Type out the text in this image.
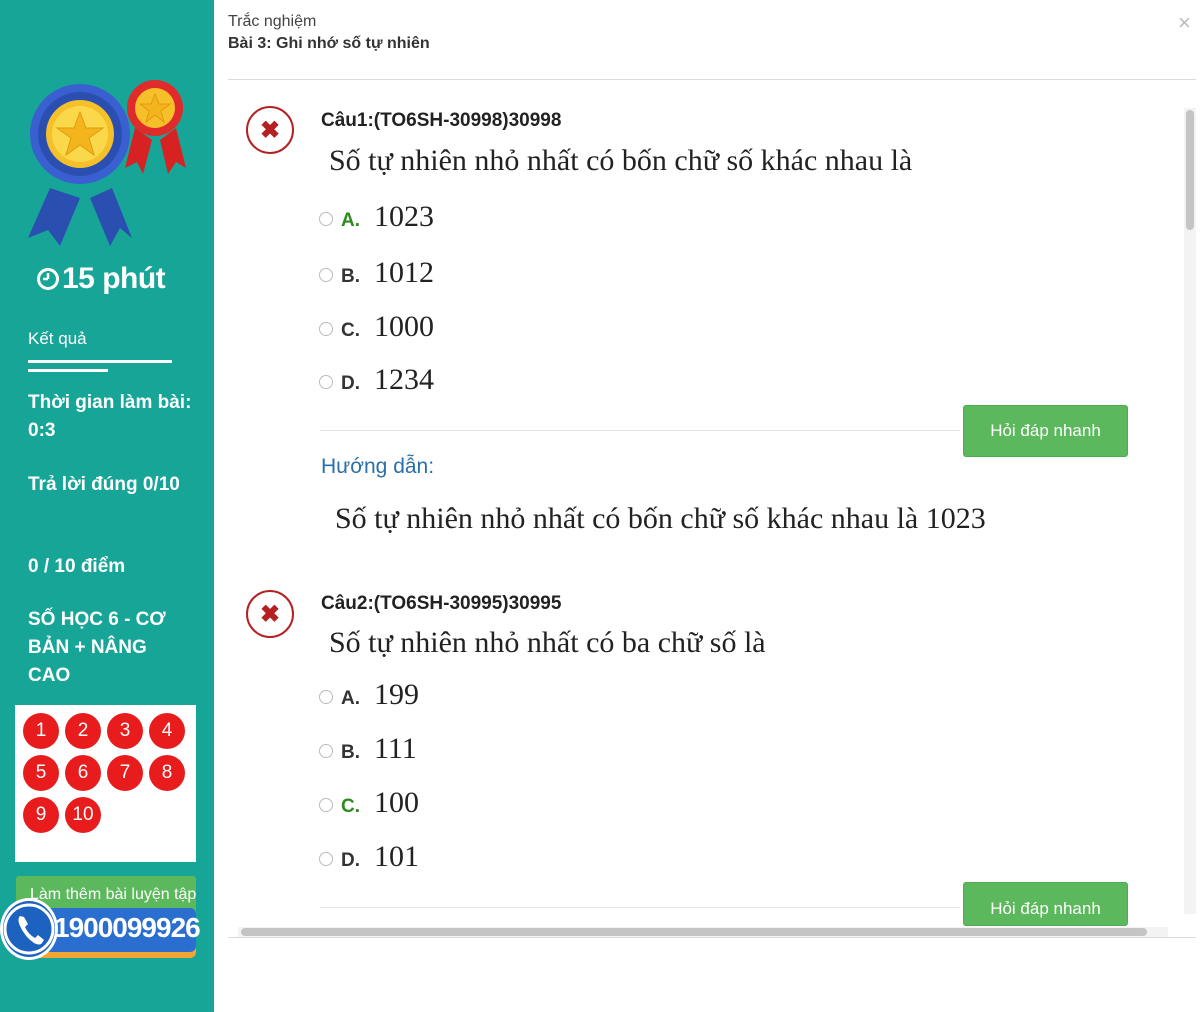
15 phút
Kết quả
Thời gian làm bài: 0:3
Trả lời đúng 0/10
0 / 10 điểm
SỐ HỌC 6 - CƠ BẢN + NÂNG CAO
1	2	3	4
5	6	7	8
9	10
Làm thêm bài luyện tập
1900099926
Trắc nghiệm
Bài 3: Ghi nhớ số tự nhiên
×
✖	Câu1:(TO6SH-30998)30998
Số tự nhiên nhỏ nhất có bốn chữ số khác nhau là
A. 1023
B. 1012
C. 1000
D. 1234
Hỏi đáp nhanh
Hướng dẫn:
Số tự nhiên nhỏ nhất có bốn chữ số khác nhau là 1023
✖	Câu2:(TO6SH-30995)30995
Số tự nhiên nhỏ nhất có ba chữ số là
A. 199
B. 111
C. 100
D. 101
Hỏi đáp nhanh
